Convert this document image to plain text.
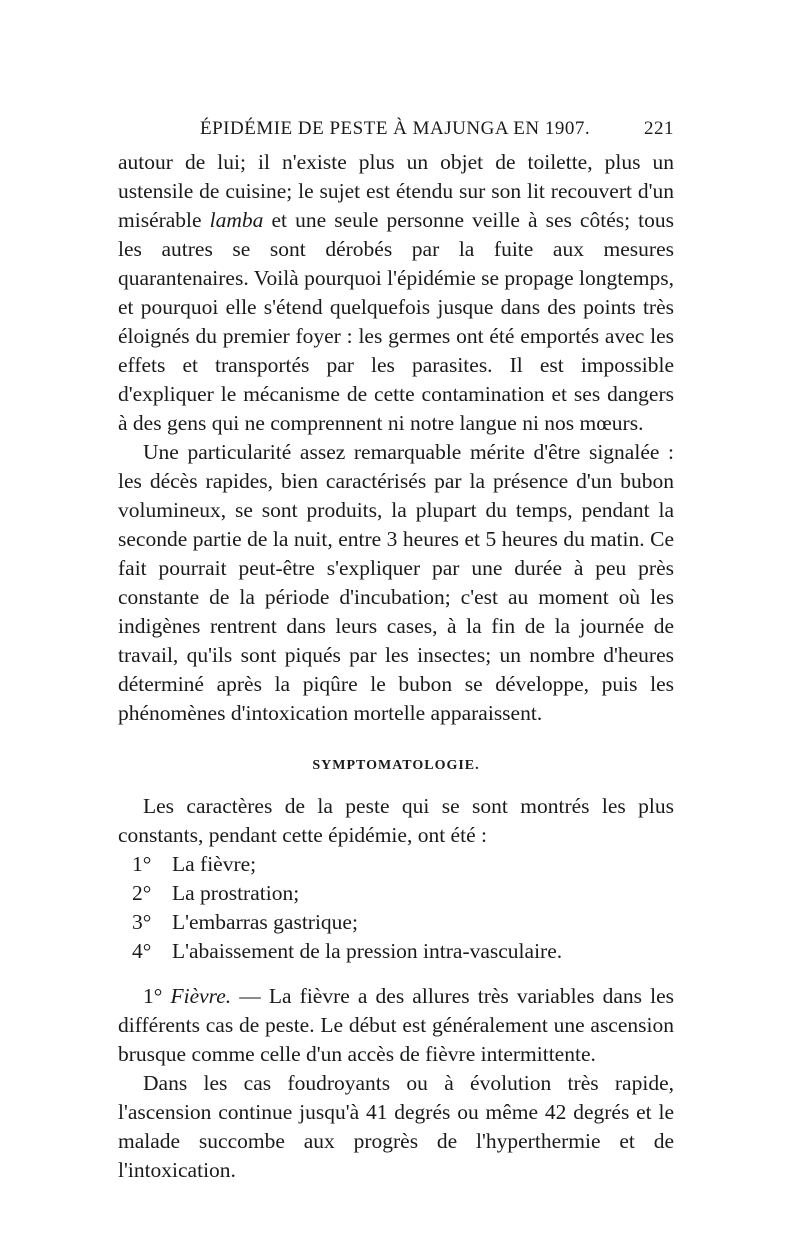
ÉPIDÉMIE DE PESTE À MAJUNGA EN 1907.	221

autour de lui; il n'existe plus un objet de toilette, plus un ustensile de cuisine; le sujet est étendu sur son lit recouvert d'un misérable lamba et une seule personne veille à ses côtés; tous les autres se sont dérobés par la fuite aux mesures quarantenaires. Voilà pourquoi l'épidémie se propage longtemps, et pourquoi elle s'étend quelquefois jusque dans des points très éloignés du premier foyer : les germes ont été emportés avec les effets et transportés par les parasites. Il est impossible d'expliquer le mécanisme de cette contamination et ses dangers à des gens qui ne comprennent ni notre langue ni nos mœurs.

Une particularité assez remarquable mérite d'être signalée : les décès rapides, bien caractérisés par la présence d'un bubon volumineux, se sont produits, la plupart du temps, pendant la seconde partie de la nuit, entre 3 heures et 5 heures du matin. Ce fait pourrait peut-être s'expliquer par une durée à peu près constante de la période d'incubation; c'est au moment où les indigènes rentrent dans leurs cases, à la fin de la journée de travail, qu'ils sont piqués par les insectes; un nombre d'heures déterminé après la piqûre le bubon se développe, puis les phénomènes d'intoxication mortelle apparaissent.

SYMPTOMATOLOGIE.

Les caractères de la peste qui se sont montrés les plus constants, pendant cette épidémie, ont été :

1° La fièvre;
2° La prostration;
3° L'embarras gastrique;
4° L'abaissement de la pression intra-vasculaire.

1° Fièvre. — La fièvre a des allures très variables dans les différents cas de peste. Le début est généralement une ascension brusque comme celle d'un accès de fièvre intermittente.

Dans les cas foudroyants ou à évolution très rapide, l'ascension continue jusqu'à 41 degrés ou même 42 degrés et le malade succombe aux progrès de l'hyperthermie et de l'intoxication.
